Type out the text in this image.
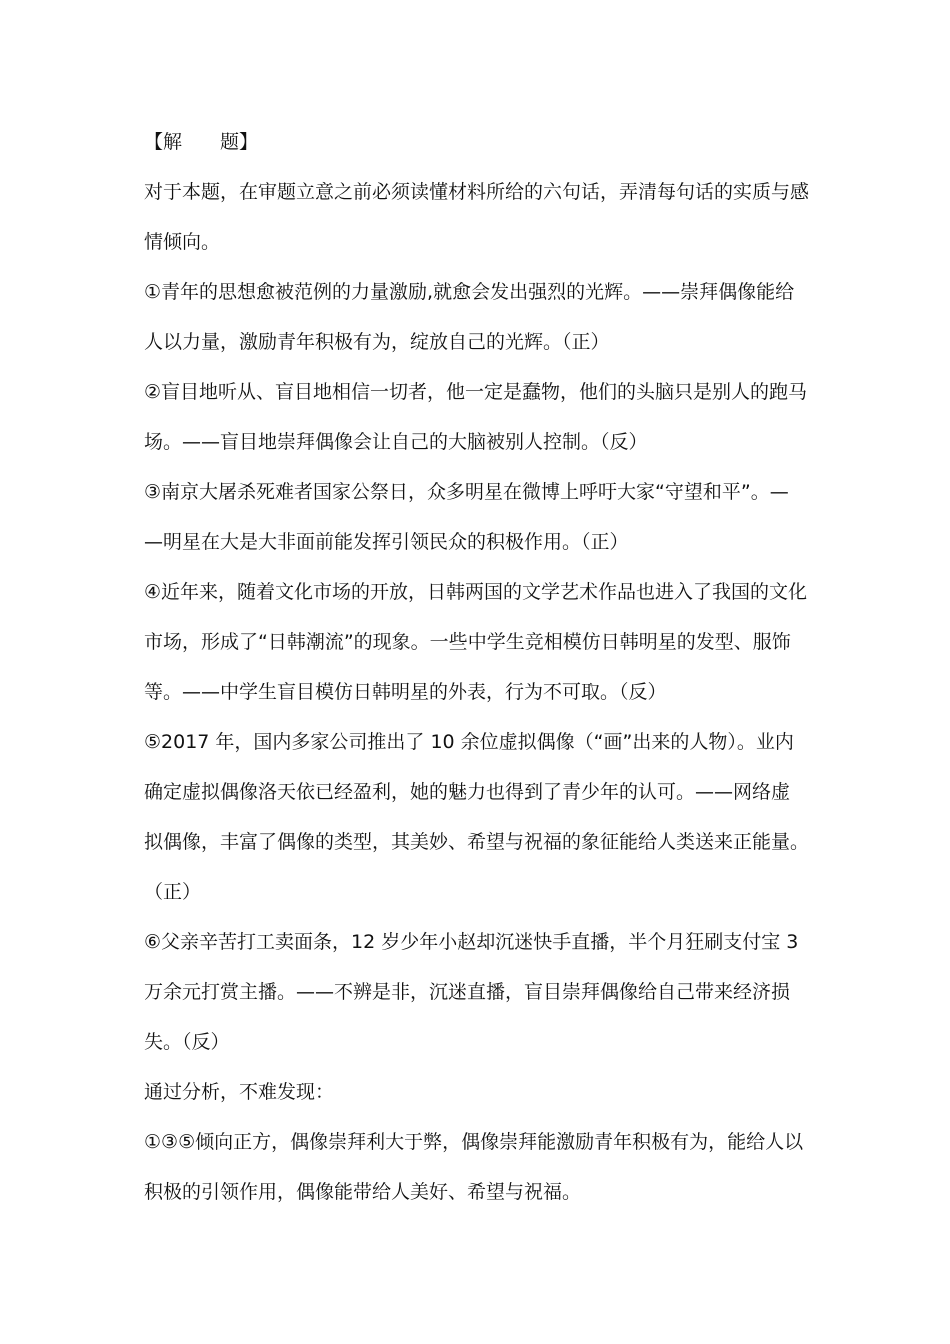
【解　　题】
对于本题，在审题立意之前必须读懂材料所给的六句话，弄清每句话的实质与感
情倾向。
①青年的思想愈被范例的力量激励,就愈会发出强烈的光辉。——崇拜偶像能给
人以力量，激励青年积极有为，绽放自己的光辉。（正）
②盲目地听从、盲目地相信一切者，他一定是蠢物，他们的头脑只是别人的跑马
场。——盲目地崇拜偶像会让自己的大脑被别人控制。（反）
③南京大屠杀死难者国家公祭日，众多明星在微博上呼吁大家“守望和平”。—
—明星在大是大非面前能发挥引领民众的积极作用。（正）
④近年来，随着文化市场的开放，日韩两国的文学艺术作品也进入了我国的文化
市场，形成了“日韩潮流”的现象。一些中学生竞相模仿日韩明星的发型、服饰
等。——中学生盲目模仿日韩明星的外表，行为不可取。（反）
⑤2017 年，国内多家公司推出了 10 余位虚拟偶像（“画”出来的人物）。业内
确定虚拟偶像洛天依已经盈利，她的魅力也得到了青少年的认可。——网络虚
拟偶像，丰富了偶像的类型，其美妙、希望与祝福的象征能给人类送来正能量。
（正）
⑥父亲辛苦打工卖面条，12 岁少年小赵却沉迷快手直播，半个月狂刷支付宝 3
万余元打赏主播。——不辨是非，沉迷直播，盲目崇拜偶像给自己带来经济损
失。（反）
通过分析，不难发现：
①③⑤倾向正方，偶像崇拜利大于弊，偶像崇拜能激励青年积极有为，能给人以
积极的引领作用，偶像能带给人美好、希望与祝福。
